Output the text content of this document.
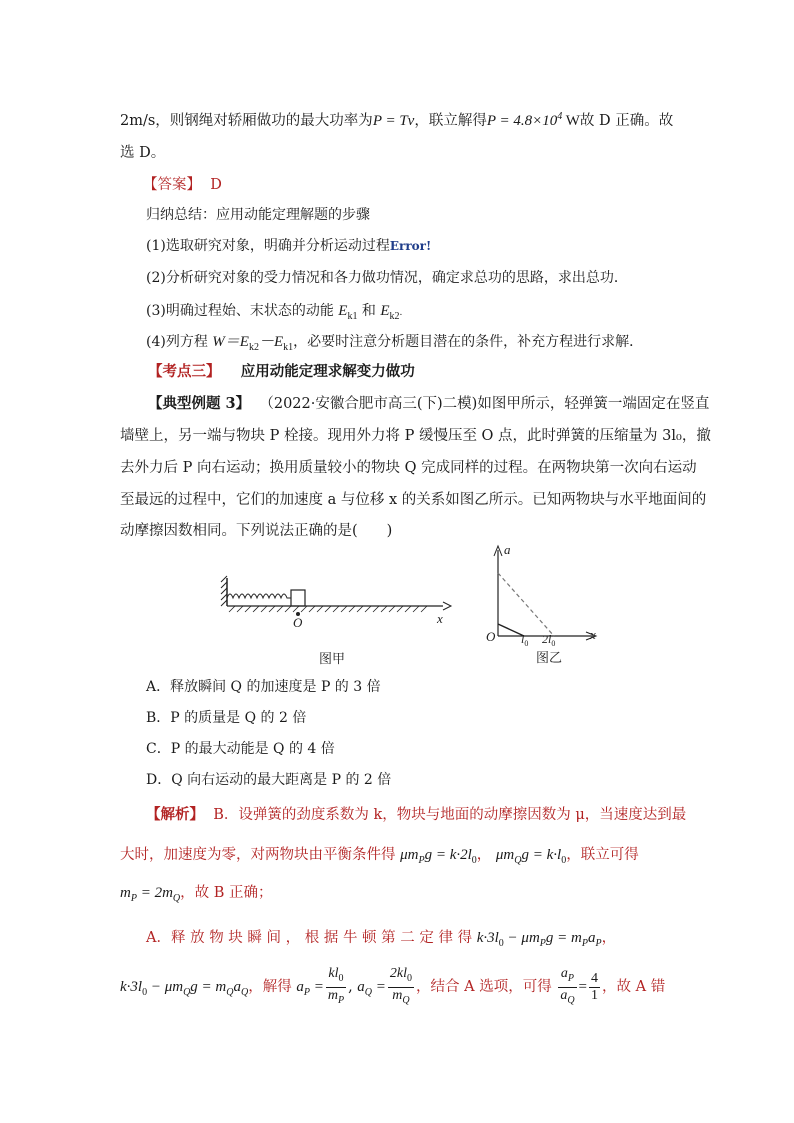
2m/s，则钢绳对轿厢做功的最大功率为P = Tv，联立解得$P = 4.8\times 10^4$ W故 D 正确。故
选 D。
【答案】 D
归纳总结：应用动能定理解题的步骤
(1)选取研究对象，明确并分析运动过程Error!
(2)分析研究对象的受力情况和各力做功情况，确定求总功的思路，求出总功．
(3)明确过程始、末状态的动能 $E_{k1}$ 和 $E_{k2}$.
(4)列方程 $W=E_{k2}-E_{k1}$，必要时注意分析题目潜在的条件，补充方程进行求解．
【考点三】 应用动能定理求解变力做功
【典型例题 3】 （2022·安徽合肥市高三(下)二模)如图甲所示，轻弹簧一端固定在竖直
墙壁上，另一端与物块 P 栓接。现用外力将 P 缓慢压至 O 点，此时弹簧的压缩量为 3l₀，撤
去外力后 P 向右运动；换用质量较小的物块 Q 完成同样的过程。在两物块第一次向右运动
至最远的过程中，它们的加速度 a 与位移 x 的关系如图乙所示。已知两物块与水平地面间的
动摩擦因数相同。下列说法正确的是(　　)
O	x
图甲
a
x
O $l_0$ $2l_0$
图乙
A．释放瞬间 Q 的加速度是 P 的 3 倍
B．P 的质量是 Q 的 2 倍
C．P 的最大动能是 Q 的 4 倍
D．Q 向右运动的最大距离是 P 的 2 倍
【解析】 B．设弹簧的劲度系数为 k，物块与地面的动摩擦因数为 μ，当速度达到最
大时，加速度为零，对两物块由平衡条件得 $\mu m_Pg = k\cdot 2l_0$， $\mu m_Qg = k\cdot l_0$，联立可得
$m_P = 2m_Q$，故 B 正确；
A．释 放 物 块 瞬 间 ， 根 据 牛 顿 第 二 定 律 得 $k\cdot 3l_0 - \mu m_Pg = m_Pa_P$，
$k\cdot 3l_0 - \mu m_Qg = m_Qa_Q$，解得 $a_P = \frac{kl_0}{m_P}$ , $a_Q = \frac{2kl_0}{m_Q}$ ，结合 A 选项，可得 $\frac{a_P}{a_Q} = \frac{4}{1}$ ，故 A 错
